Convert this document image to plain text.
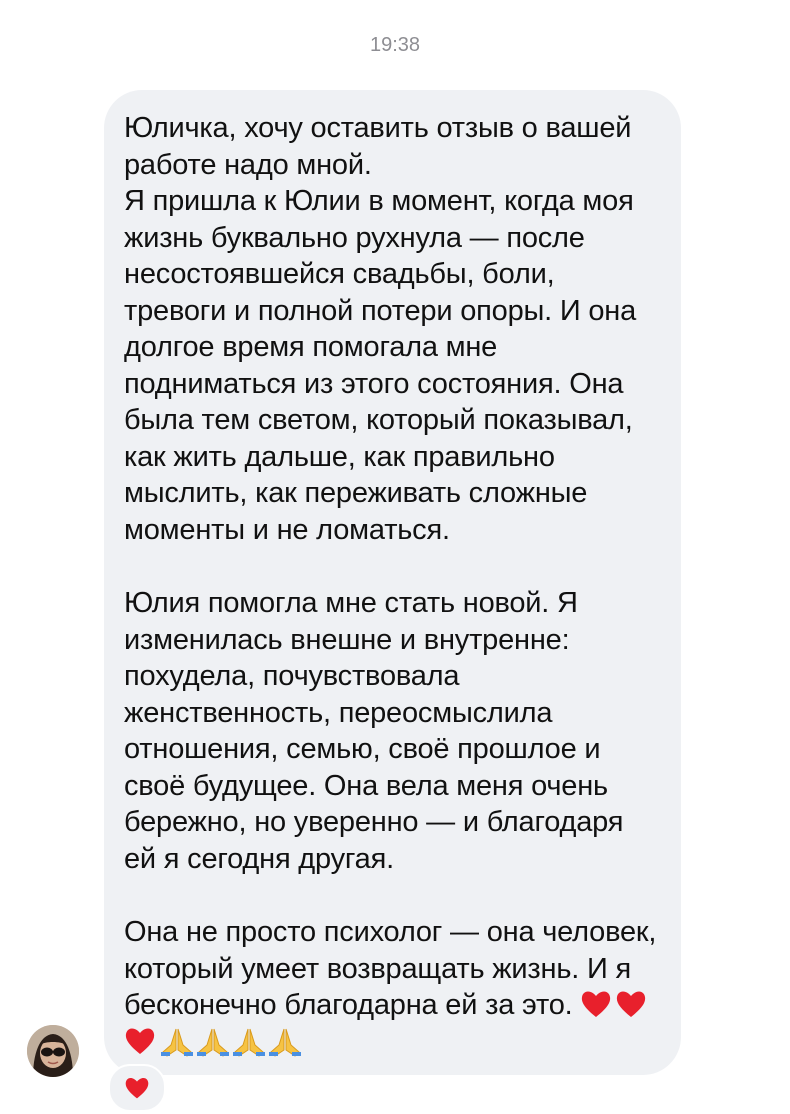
19:38

Юличка, хочу оставить отзыв о вашей работе надо мной.

Я пришла к Юлии в момент, когда моя жизнь буквально рухнула — после несостоявшейся свадьбы, боли, тревоги и полной потери опоры. И она долгое время помогала мне подниматься из этого состояния. Она была тем светом, который показывал, как жить дальше, как правильно мыслить, как переживать сложные моменты и не ломаться.

Юлия помогла мне стать новой. Я изменилась внешне и внутренне: похудела, почувствовала женственность, переосмыслила отношения, семью, своё прошлое и своё будущее. Она вела меня очень бережно, но уверенно — и благодаря ей я сегодня другая.

Она не просто психолог — она человек, который умеет возвращать жизнь. И я бесконечно благодарна ей за это.
